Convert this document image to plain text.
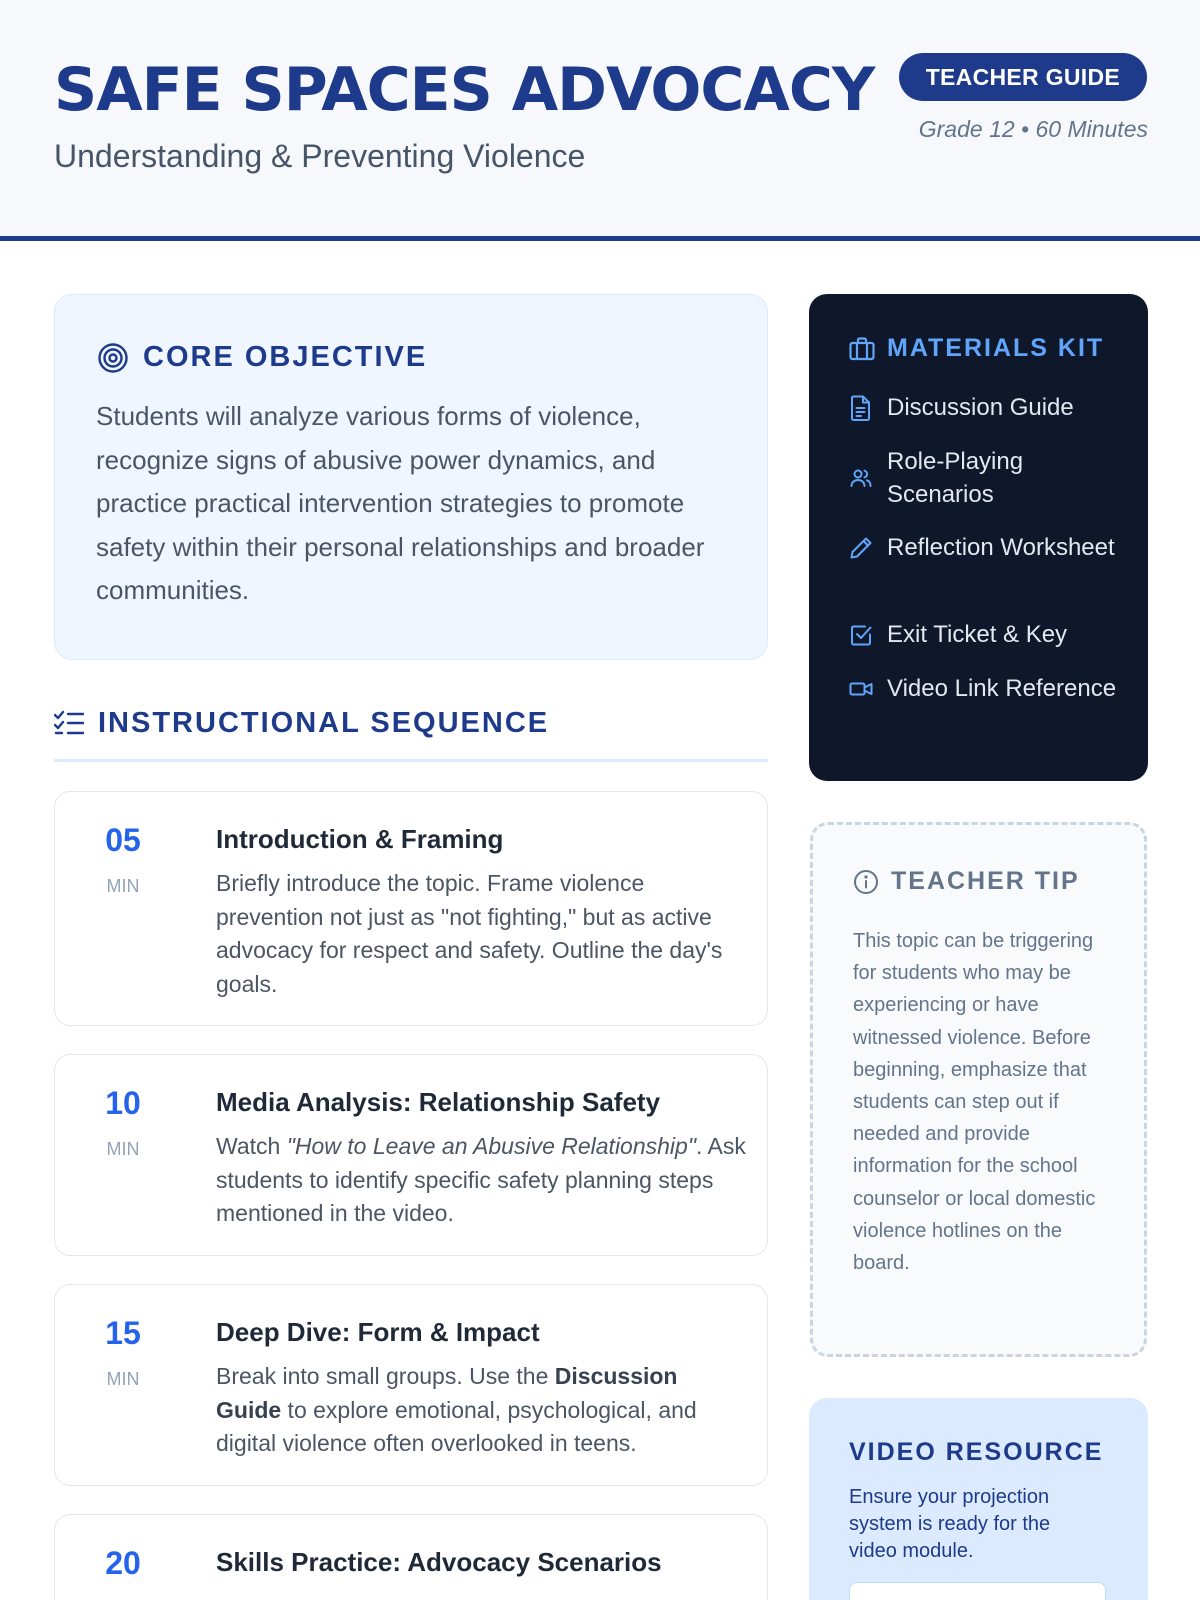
SAFE SPACES ADVOCACY
Understanding & Preventing Violence
TEACHER GUIDE
Grade 12 • 60 Minutes
CORE OBJECTIVE
Students will analyze various forms of violence, recognize signs of abusive power dynamics, and practice practical intervention strategies to promote safety within their personal relationships and broader communities.
INSTRUCTIONAL SEQUENCE
05
MIN
Introduction & Framing
Briefly introduce the topic. Frame violence prevention not just as "not fighting," but as active advocacy for respect and safety. Outline the day's goals.
10
MIN
Media Analysis: Relationship Safety
Watch "How to Leave an Abusive Relationship". Ask students to identify specific safety planning steps mentioned in the video.
15
MIN
Deep Dive: Form & Impact
Break into small groups. Use the Discussion Guide to explore emotional, psychological, and digital violence often overlooked in teens.
20	Skills Practice: Advocacy Scenarios
MATERIALS KIT
Discussion Guide
Role-Playing Scenarios
Reflection Worksheet
Exit Ticket & Key
Video Link Reference
TEACHER TIP
This topic can be triggering for students who may be experiencing or have witnessed violence. Before beginning, emphasize that students can step out if needed and provide information for the school counselor or local domestic violence hotlines on the board.
VIDEO RESOURCE
Ensure your projection system is ready for the video module.
